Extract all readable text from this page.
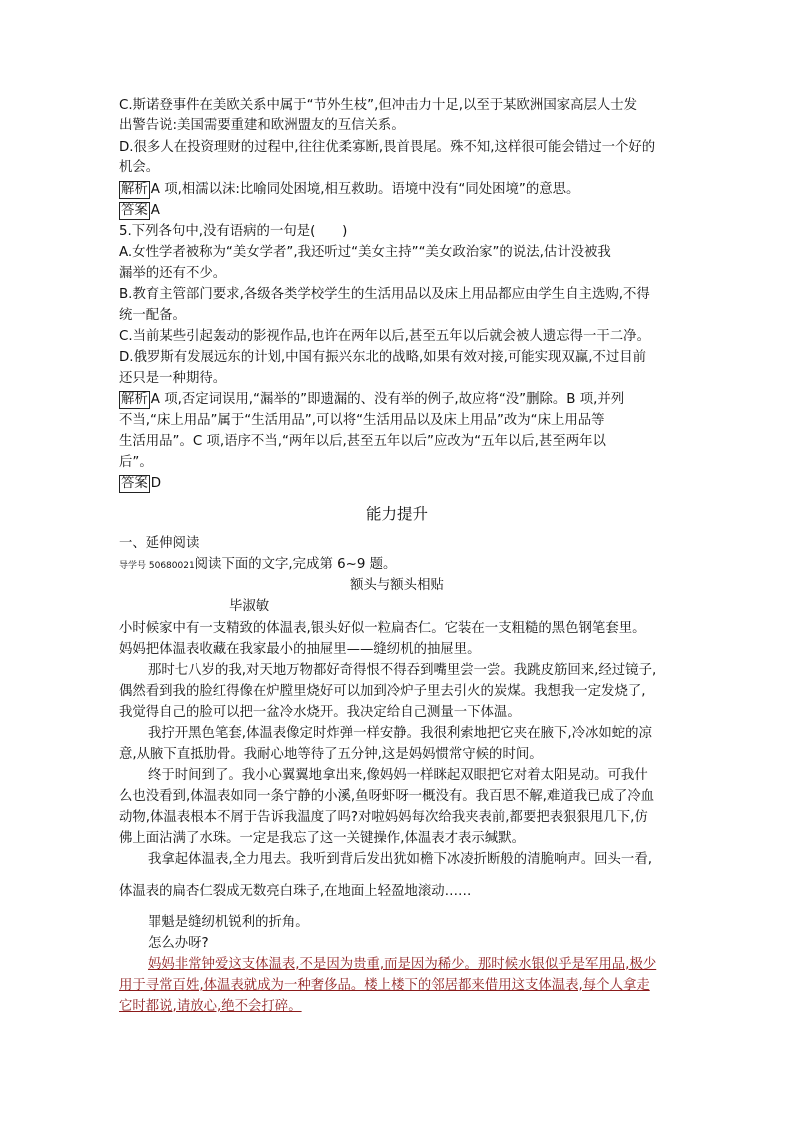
C.斯诺登事件在美欧关系中属于“节外生枝”,但冲击力十足,以至于某欧洲国家高层人士发
出警告说:美国需要重建和欧洲盟友的互信关系。
D.很多人在投资理财的过程中,往往优柔寡断,畏首畏尾。殊不知,这样很可能会错过一个好的
机会。
解析 A 项,相濡以沫:比喻同处困境,相互救助。语境中没有“同处困境”的意思。
答案 A
5.下列各句中,没有语病的一句是(　　)
A.女性学者被称为“美女学者”,我还听过“美女主持”“美女政治家”的说法,估计没被我
漏举的还有不少。
B.教育主管部门要求,各级各类学校学生的生活用品以及床上用品都应由学生自主选购,不得
统一配备。
C.当前某些引起轰动的影视作品,也许在两年以后,甚至五年以后就会被人遗忘得一干二净。
D.俄罗斯有发展远东的计划,中国有振兴东北的战略,如果有效对接,可能实现双赢,不过目前
还只是一种期待。
解析 A 项,否定词误用,“漏举的”即遗漏的、没有举的例子,故应将“没”删除。B 项,并列
不当,“床上用品”属于“生活用品”,可以将“生活用品以及床上用品”改为“床上用品等
生活用品”。C 项,语序不当,“两年以后,甚至五年以后”应改为“五年以后,甚至两年以
后”。
答案 D
能力提升
一、延伸阅读
导学号 50680021阅读下面的文字,完成第 6~9 题。
额头与额头相贴
毕淑敏
小时候家中有一支精致的体温表,银头好似一粒扁杏仁。它装在一支粗糙的黑色钢笔套里。
妈妈把体温表收藏在我家最小的抽屉里——缝纫机的抽屉里。
那时七八岁的我,对天地万物都好奇得恨不得吞到嘴里尝一尝。我跳皮筋回来,经过镜子,
偶然看到我的脸红得像在炉膛里烧好可以加到冷炉子里去引火的炭煤。我想我一定发烧了,
我觉得自己的脸可以把一盆冷水烧开。我决定给自己测量一下体温。
我拧开黑色笔套,体温表像定时炸弹一样安静。我很利索地把它夹在腋下,冷冰如蛇的凉
意,从腋下直抵肋骨。我耐心地等待了五分钟,这是妈妈惯常守候的时间。
终于时间到了。我小心翼翼地拿出来,像妈妈一样眯起双眼把它对着太阳晃动。可我什
么也没看到,体温表如同一条宁静的小溪,鱼呀虾呀一概没有。我百思不解,难道我已成了冷血
动物,体温表根本不屑于告诉我温度了吗?对啦妈妈每次给我夹表前,都要把表狠狠甩几下,仿
佛上面沾满了水珠。一定是我忘了这一关键操作,体温表才表示缄默。
我拿起体温表,全力甩去。我听到背后发出犹如檐下冰凌折断般的清脆响声。回头一看,
体温表的扁杏仁裂成无数亮白珠子,在地面上轻盈地滚动……
罪魁是缝纫机锐利的折角。
怎么办呀?
妈妈非常钟爱这支体温表,不是因为贵重,而是因为稀少。那时候水银似乎是军用品,极少
用于寻常百姓,体温表就成为一种奢侈品。楼上楼下的邻居都来借用这支体温表,每个人拿走
它时都说,请放心,绝不会打碎。
